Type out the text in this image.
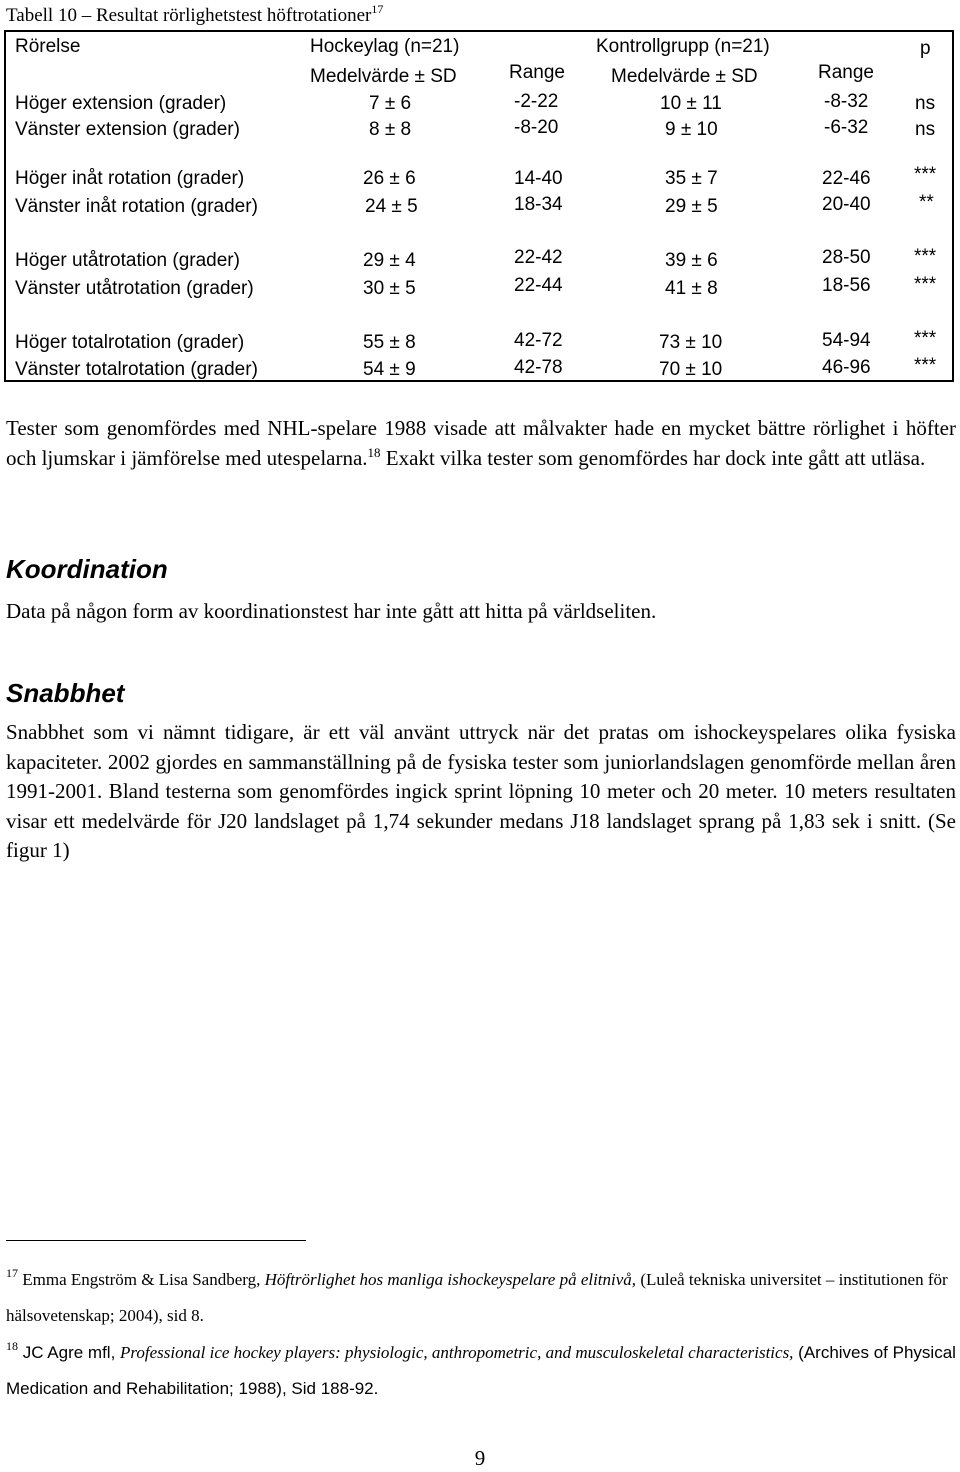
Tabell 10 – Resultat rörlighetstest höftrotationer$^{17}$
Rörelse	Hockeylag (n=21)	Kontrollgrupp (n=21)	p
Medelvärde ± SD	Range Medelvärde ± SD	Range
Höger extension (grader)	7 ± 6	-2-22	10 ± 11	-8-32 ns
Vänster extension (grader)	8 ± 8	-8-20	9 ± 10	-6-32 ns
Höger inåt rotation (grader)	26 ± 6	14-40	35 ± 7	22-46 ***
Vänster inåt rotation (grader)	24 ± 5	18-34	29 ± 5	20-40	**
Höger utåtrotation (grader)	29 ± 4	22-42	39 ± 6	28-50 ***
Vänster utåtrotation (grader)	30 ± 5	22-44	41 ± 8	18-56 ***
Höger totalrotation (grader)	55 ± 8	42-72	73 ± 10	54-94 ***
Vänster totalrotation (grader)	54 ± 9	42-78	70 ± 10	46-96 ***

Tester som genomfördes med NHL-spelare 1988 visade att målvakter hade en mycket bättre rörlighet i höfter och ljumskar i jämförelse med utespelarna.$^{18}$ Exakt vilka tester som genomfördes har dock inte gått att utläsa.

Koordination

Data på någon form av koordinationstest har inte gått att hitta på världseliten.

Snabbhet

Snabbhet som vi nämnt tidigare, är ett väl använt uttryck när det pratas om ishockeyspelares olika fysiska kapaciteter. 2002 gjordes en sammanställning på de fysiska tester som juniorlandslagen genomförde mellan åren 1991-2001. Bland testerna som genomfördes ingick sprint löpning 10 meter och 20 meter. 10 meters resultaten visar ett medelvärde för J20 landslaget på 1,74 sekunder medans J18 landslaget sprang på 1,83 sek i snitt. (Se figur 1)

$^{17}$ Emma Engström & Lisa Sandberg, Höftrörlighet hos manliga ishockeyspelare på elitnivå, (Luleå tekniska universitet – institutionen för hälsovetenskap; 2004), sid 8.

$^{18}$ JC Agre mfl, Professional ice hockey players: physiologic, anthropometric, and musculoskeletal characteristics, (Archives of Physical Medication and Rehabilitation; 1988), Sid 188-92.

9
